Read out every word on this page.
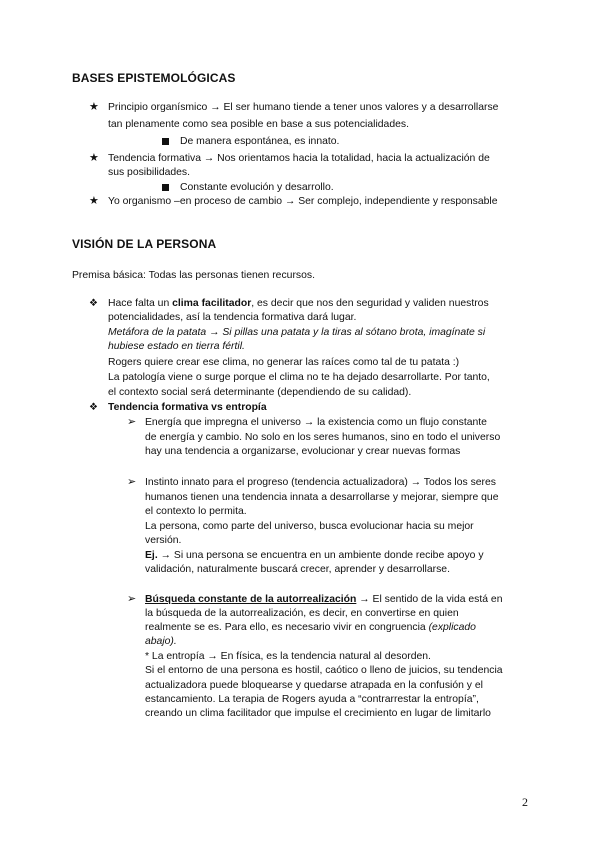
BASES EPISTEMOLÓGICAS
★ Principio organísmico → El ser humano tiende a tener unos valores y a desarrollarse
tan plenamente como sea posible en base a sus potencialidades.
De manera espontánea, es innato.
★ Tendencia formativa → Nos orientamos hacia la totalidad, hacia la actualización de
sus posibilidades.
Constante evolución y desarrollo.
★ Yo organismo –en proceso de cambio → Ser complejo, independiente y responsable
VISIÓN DE LA PERSONA
Premisa básica: Todas las personas tienen recursos.
❖ Hace falta un clima facilitador, es decir que nos den seguridad y validen nuestros
potencialidades, así la tendencia formativa dará lugar.
Metáfora de la patata → Si pillas una patata y la tiras al sótano brota, imagínate si
hubiese estado en tierra fértil.
Rogers quiere crear ese clima, no generar las raíces como tal de tu patata :)
La patología viene o surge porque el clima no te ha dejado desarrollarte. Por tanto,
el contexto social será determinante (dependiendo de su calidad).
❖ Tendencia formativa vs entropía
➢ Energía que impregna el universo → la existencia como un flujo constante
de energía y cambio. No solo en los seres humanos, sino en todo el universo
hay una tendencia a organizarse, evolucionar y crear nuevas formas
➢ Instinto innato para el progreso (tendencia actualizadora) → Todos los seres
humanos tienen una tendencia innata a desarrollarse y mejorar, siempre que
el contexto lo permita.
La persona, como parte del universo, busca evolucionar hacia su mejor
versión.
Ej. → Si una persona se encuentra en un ambiente donde recibe apoyo y
validación, naturalmente buscará crecer, aprender y desarrollarse.
➢ Búsqueda constante de la autorrealización → El sentido de la vida está en
la búsqueda de la autorrealización, es decir, en convertirse en quien
realmente se es. Para ello, es necesario vivir en congruencia (explicado
abajo).
* La entropía → En física, es la tendencia natural al desorden.
Si el entorno de una persona es hostil, caótico o lleno de juicios, su tendencia
actualizadora puede bloquearse y quedarse atrapada en la confusión y el
estancamiento. La terapia de Rogers ayuda a “contrarrestar la entropía”,
creando un clima facilitador que impulse el crecimiento en lugar de limitarlo
2
